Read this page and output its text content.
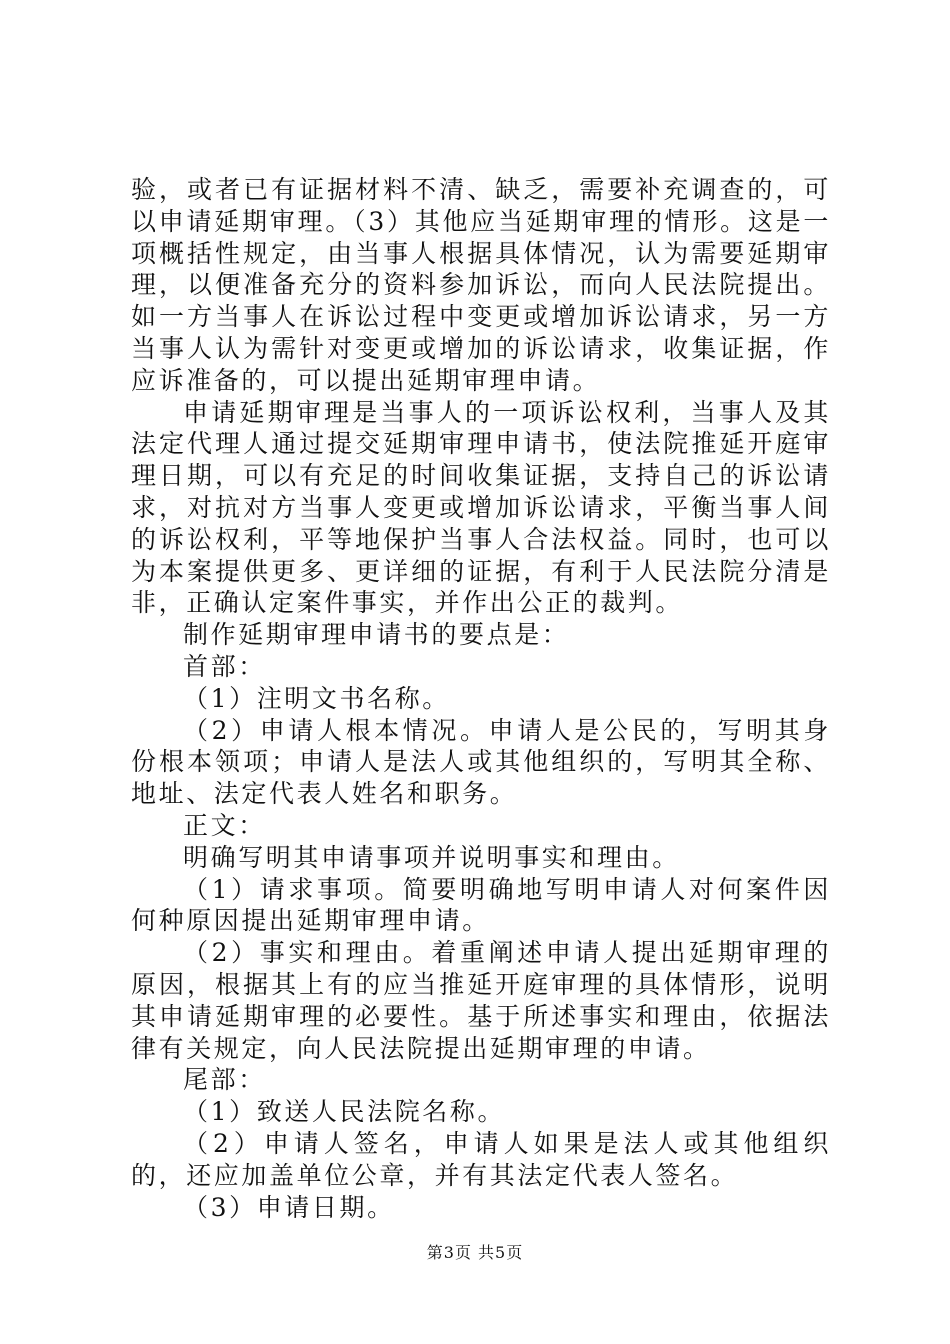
验，或者已有证据材料不清、缺乏，需要补充调查的，可以申请延期审理。（3）其他应当延期审理的情形。这是一项概括性规定，由当事人根据具体情况，认为需要延期审理，以便准备充分的资料参加诉讼，而向人民法院提出。如一方当事人在诉讼过程中变更或增加诉讼请求，另一方当事人认为需针对变更或增加的诉讼请求，收集证据，作应诉准备的，可以提出延期审理申请。

申请延期审理是当事人的一项诉讼权利，当事人及其法定代理人通过提交延期审理申请书，使法院推延开庭审理日期，可以有充足的时间收集证据，支持自己的诉讼请求，对抗对方当事人变更或增加诉讼请求，平衡当事人间的诉讼权利，平等地保护当事人合法权益。同时，也可以为本案提供更多、更详细的证据，有利于人民法院分清是非，正确认定案件事实，并作出公正的裁判。

制作延期审理申请书的要点是：

首部：

（1）注明文书名称。

（2）申请人根本情况。申请人是公民的，写明其身份根本领项；申请人是法人或其他组织的，写明其全称、地址、法定代表人姓名和职务。

正文：

明确写明其申请事项并说明事实和理由。

（1）请求事项。简要明确地写明申请人对何案件因何种原因提出延期审理申请。

（2）事实和理由。着重阐述申请人提出延期审理的原因，根据其上有的应当推延开庭审理的具体情形，说明其申请延期审理的必要性。基于所述事实和理由，依据法律有关规定，向人民法院提出延期审理的申请。

尾部：

（1）致送人民法院名称。

（2）申请人签名，申请人如果是法人或其他组织的，还应加盖单位公章，并有其法定代表人签名。

（3）申请日期。

第3页 共5页
